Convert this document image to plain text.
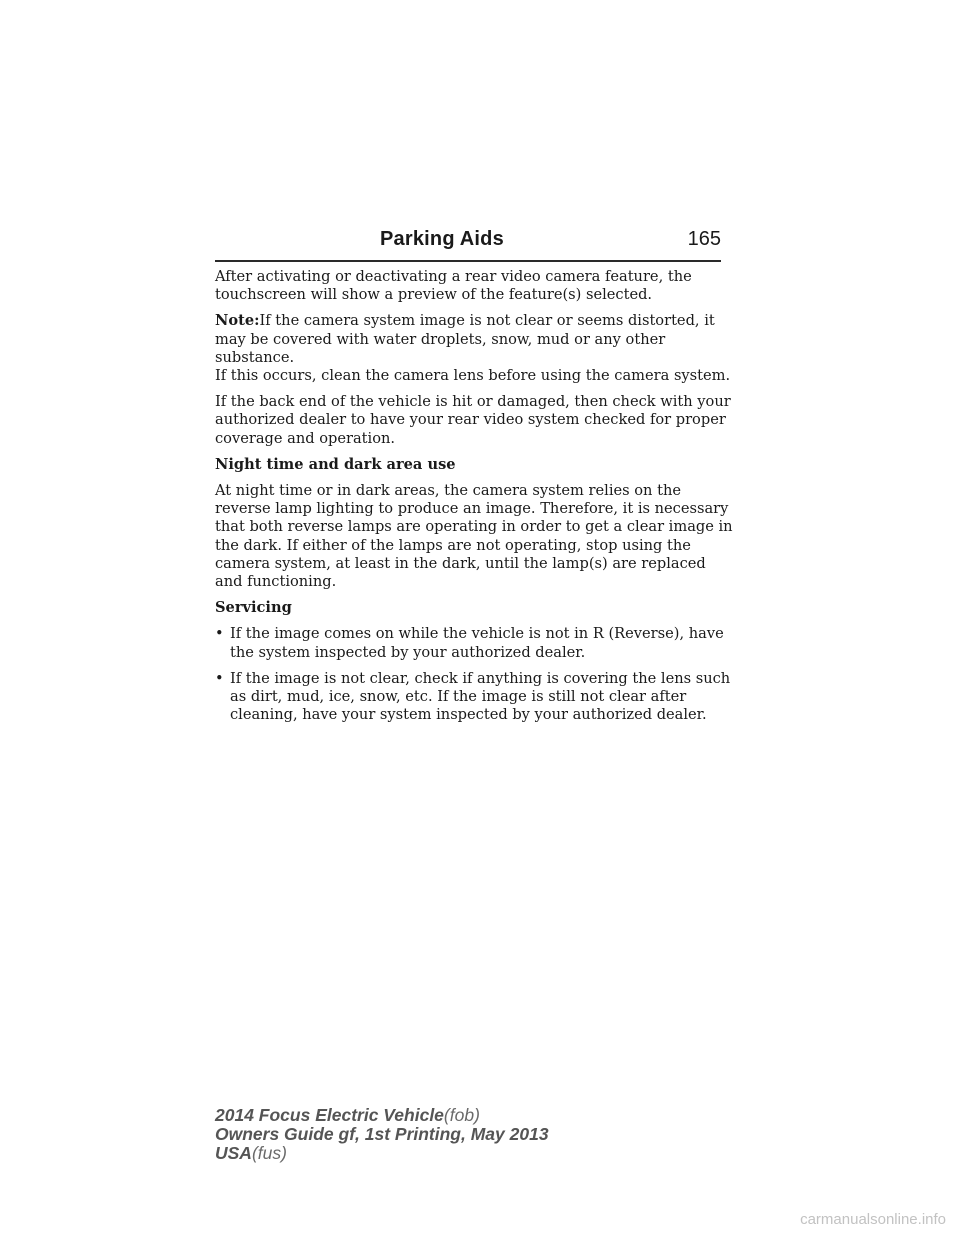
Parking Aids	165

After activating or deactivating a rear video camera feature, the touchscreen will show a preview of the feature(s) selected.

Note:If the camera system image is not clear or seems distorted, it may be covered with water droplets, snow, mud or any other substance.
If this occurs, clean the camera lens before using the camera system.

If the back end of the vehicle is hit or damaged, then check with your authorized dealer to have your rear video system checked for proper coverage and operation.

Night time and dark area use

At night time or in dark areas, the camera system relies on the reverse lamp lighting to produce an image. Therefore, it is necessary that both reverse lamps are operating in order to get a clear image in the dark. If either of the lamps are not operating, stop using the camera system, at least in the dark, until the lamp(s) are replaced and functioning.

Servicing
• If the image comes on while the vehicle is not in R (Reverse), have the system inspected by your authorized dealer.
• If the image is not clear, check if anything is covering the lens such as dirt, mud, ice, snow, etc. If the image is still not clear after cleaning, have your system inspected by your authorized dealer.
2014 Focus Electric Vehicle(fob)
Owners Guide gf, 1st Printing, May 2013
USA(fus)
carmanualsonline.info
